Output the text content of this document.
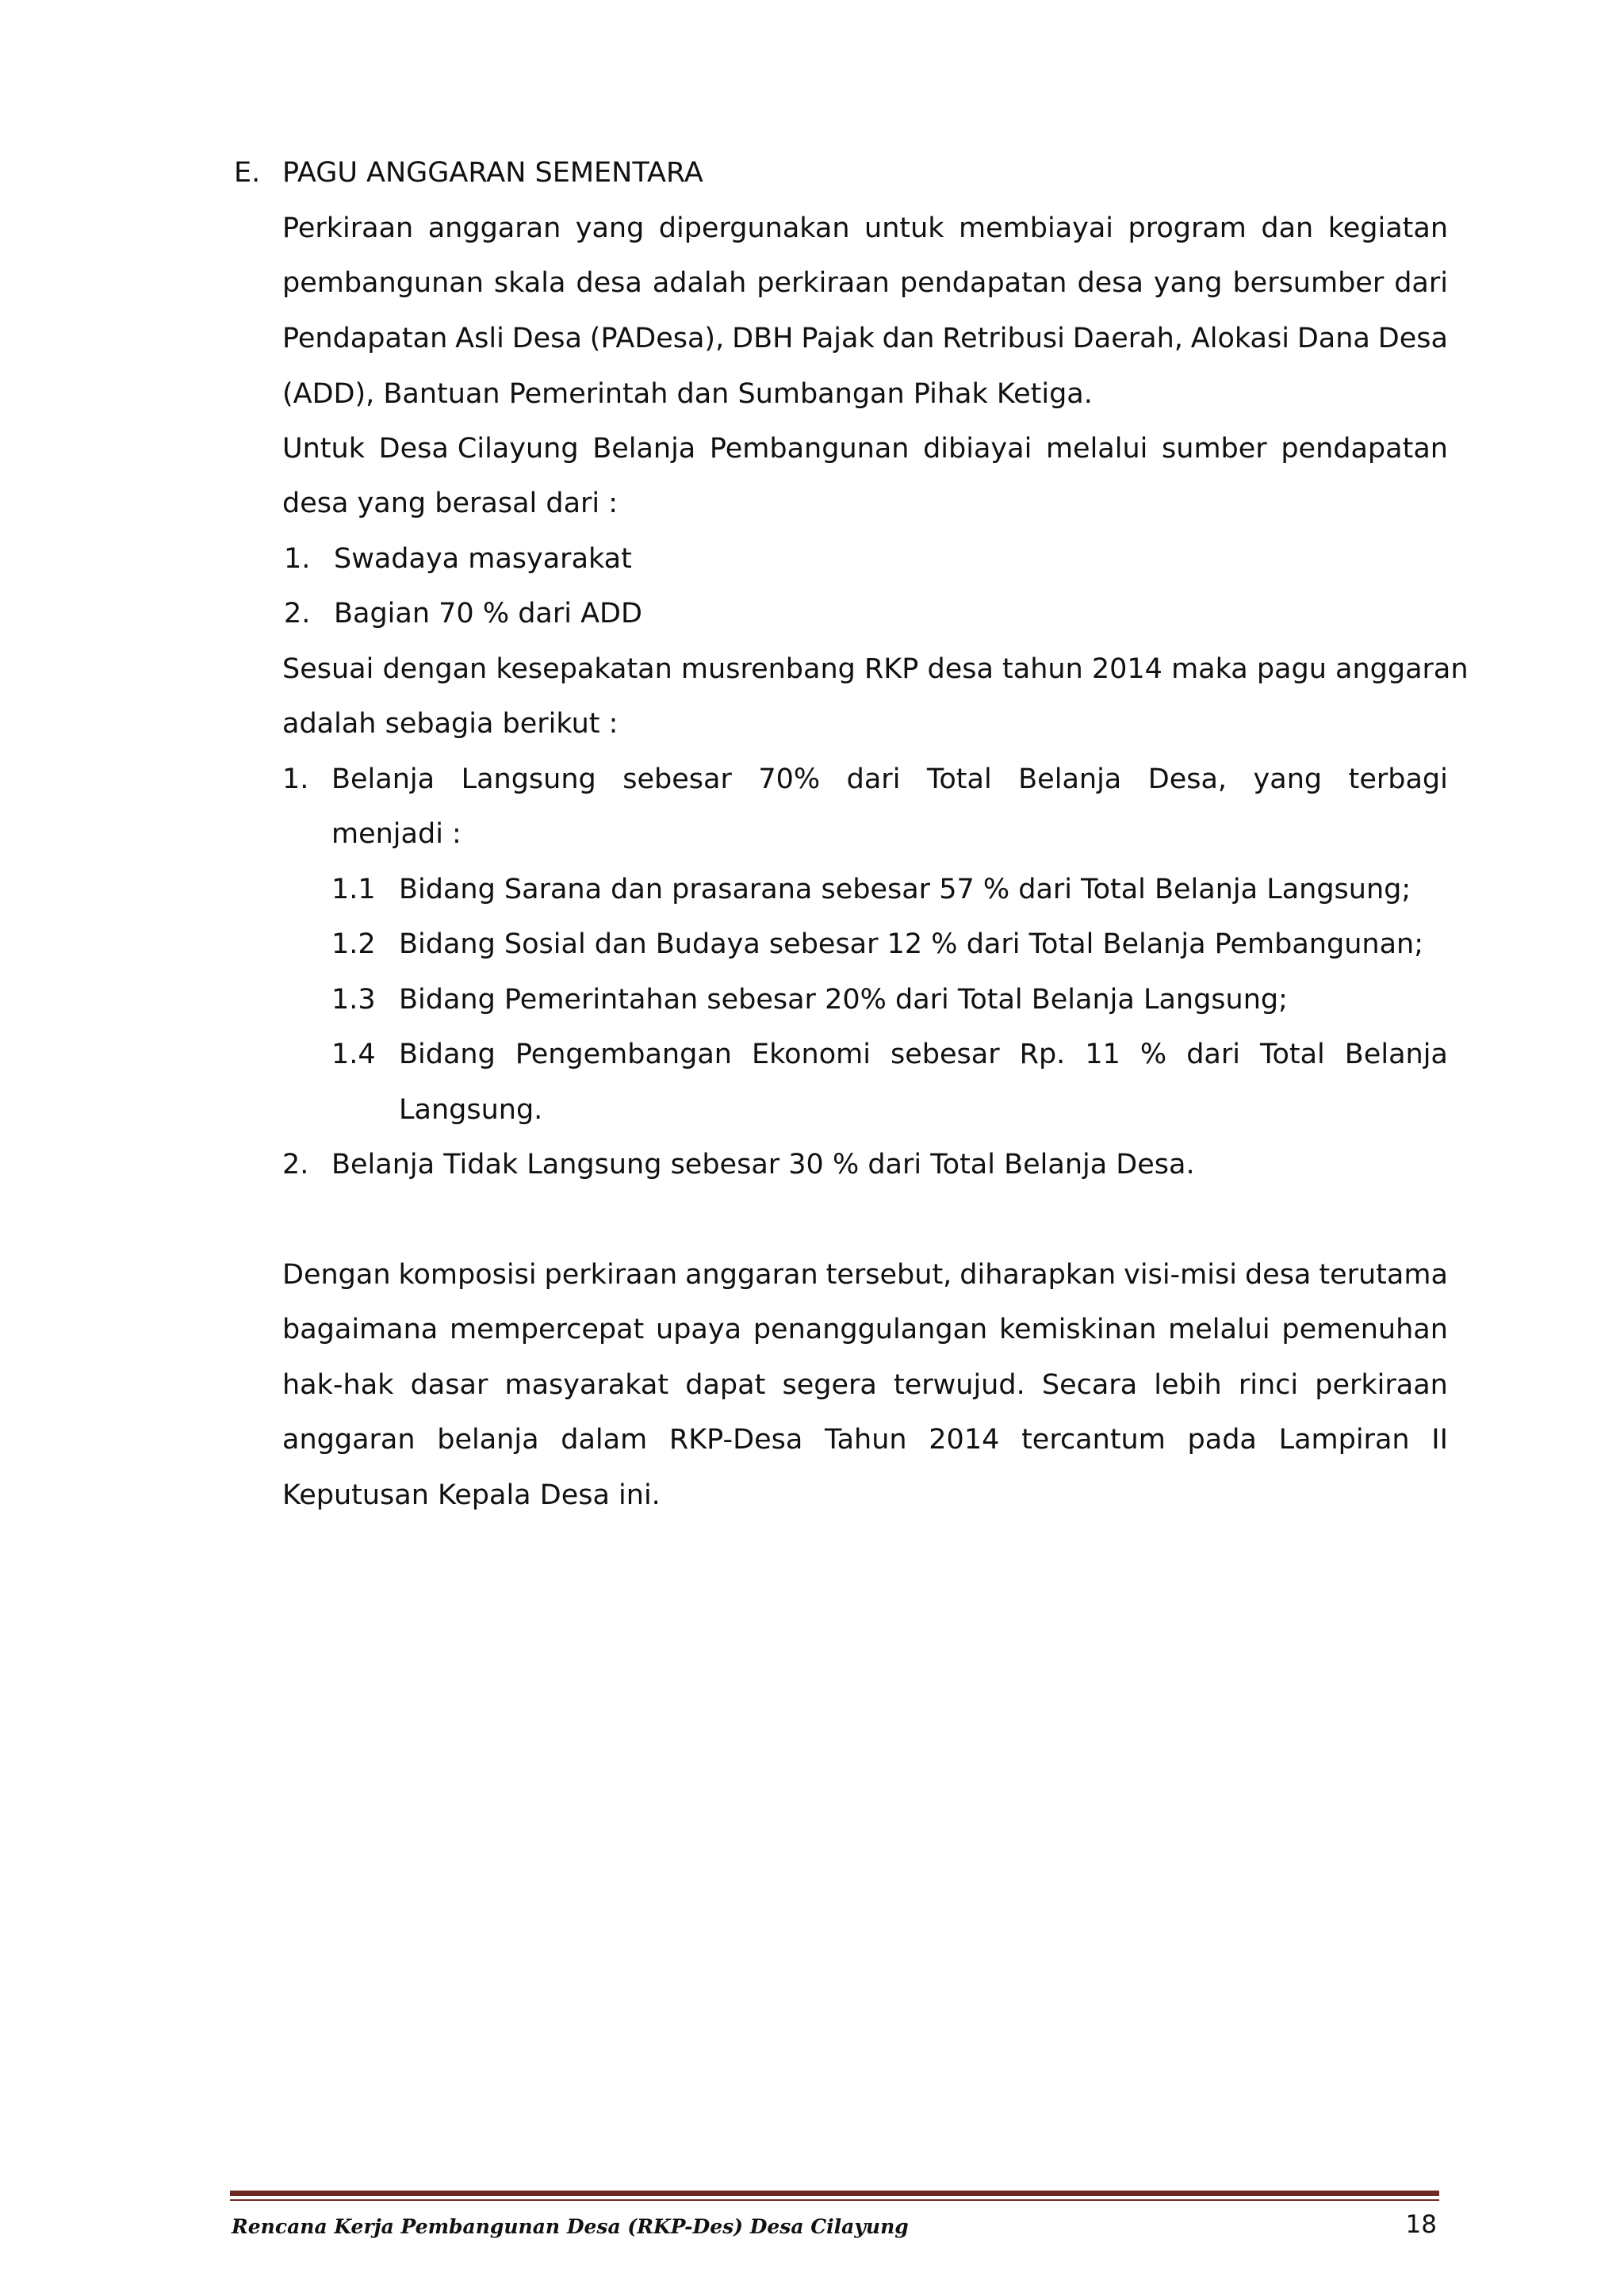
E. PAGU ANGGARAN SEMENTARA
Perkiraan anggaran yang dipergunakan untuk membiayai program dan kegiatan
pembangunan skala desa adalah perkiraan pendapatan desa yang bersumber dari
Pendapatan Asli Desa (PADesa), DBH Pajak dan Retribusi Daerah, Alokasi Dana Desa
(ADD), Bantuan Pemerintah dan Sumbangan Pihak Ketiga.
Untuk Desa Cilayung Belanja Pembangunan dibiayai melalui sumber pendapatan
desa yang berasal dari :
1. Swadaya masyarakat
2. Bagian 70 % dari ADD
Sesuai dengan kesepakatan musrenbang RKP desa tahun 2014 maka pagu anggaran
adalah sebagia berikut :
1. Belanja Langsung sebesar 70% dari Total Belanja Desa, yang terbagi
menjadi :
1.1 Bidang Sarana dan prasarana sebesar 57 % dari Total Belanja Langsung;
1.2 Bidang Sosial dan Budaya sebesar 12 % dari Total Belanja Pembangunan;
1.3 Bidang Pemerintahan sebesar 20% dari Total Belanja Langsung;
1.4 Bidang Pengembangan Ekonomi sebesar Rp. 11 % dari Total Belanja
Langsung.
2. Belanja Tidak Langsung sebesar 30 % dari Total Belanja Desa.
Dengan komposisi perkiraan anggaran tersebut, diharapkan visi-misi desa terutama
bagaimana mempercepat upaya penanggulangan kemiskinan melalui pemenuhan
hak-hak dasar masyarakat dapat segera terwujud. Secara lebih rinci perkiraan
anggaran belanja dalam RKP-Desa Tahun 2014 tercantum pada Lampiran II
Keputusan Kepala Desa ini.
Rencana Kerja Pembangunan Desa (RKP-Des) Desa Cilayung	18
